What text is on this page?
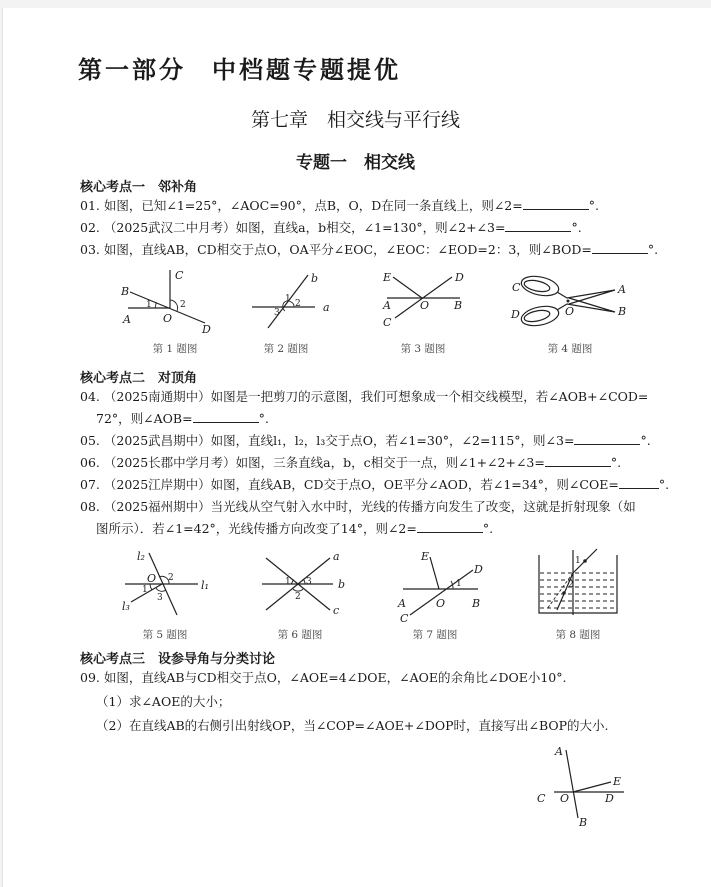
第一部分 中档题专题提优
第七章　相交线与平行线
专题一　相交线
核心考点一　邻补角
01. 如图，已知∠1=25°，∠AOC=90°，点B，O，D在同一条直线上，则∠2=	°.
02. （2025武汉二中月考）如图，直线a，b相交，∠1=130°，则∠2+∠3=	°.
03. 如图，直线AB，CD相交于点O，OA平分∠EOC，∠EOC：∠EOD=2：3，则∠BOD=	°.
C
B
1	2
A	O
D
第 1 题图
b
1 2 a
3
第 2 题图
E	D
A	O B
C
第 3 题图
C	A
D	O	B
第 4 题图
核心考点二　对顶角
04. （2025南通期中）如图是一把剪刀的示意图，我们可想象成一个相交线模型，若∠AOB+∠COD=
72°，则∠AOB=	°.
05. （2025武昌期中）如图，直线l₁，l₂，l₃交于点O，若∠1=30°，∠2=115°，则∠3=	°.
06. （2025长郡中学月考）如图，三条直线a，b，c相交于一点，则∠1+∠2+∠3=	°.
07. （2025江岸期中）如图，直线AB，CD交于点O，OE平分∠AOD，若∠1=34°，则∠COE=	°.
08. （2025福州期中）当光线从空气射入水中时，光线的传播方向发生了改变，这就是折射现象（如
图所示）．若∠1=42°，光线传播方向改变了14°，则∠2=	°.
l₂
O 2
l₁
1
3
l₃
第 5 题图
a
1 3 b
2
c
第 6 题图
E
D
1
A	O B
C
第 7 题图
1
2
第 8 题图
核心考点三　设参导角与分类讨论
09. 如图，直线AB与CD相交于点O，∠AOE=4∠DOE，∠AOE的余角比∠DOE小10°.
（1）求∠AOE的大小；
（2）在直线AB的右侧引出射线OP，当∠COP=∠AOE+∠DOP时，直接写出∠BOP的大小.
A
E
C O	D
B
